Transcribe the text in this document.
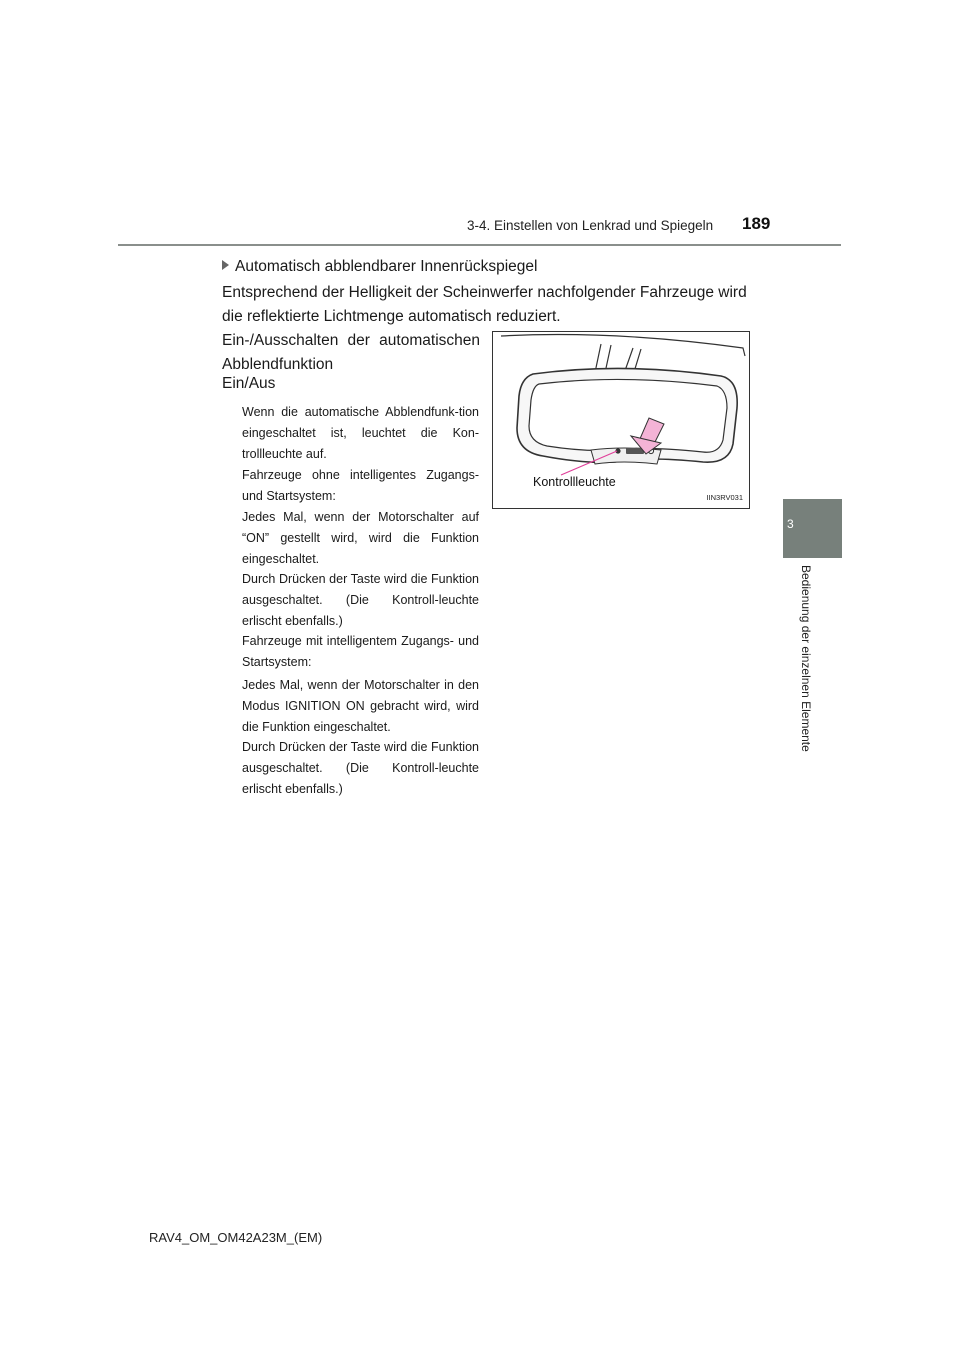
3-4. Einstellen von Lenkrad und Spiegeln 189
3
Bedienung der einzelnen Elemente
Automatisch abblendbarer Innenrückspiegel
Entsprechend der Helligkeit der Scheinwerfer nachfolgender Fahrzeuge wird die reflektierte Lichtmenge automatisch reduziert.
Ein-/Ausschalten der automatischen Abblendfunktion
Ein/Aus
Wenn die automatische Abblendfunk-tion eingeschaltet ist, leuchtet die Kon-trollleuchte auf.
Fahrzeuge ohne intelligentes Zugangs- und Startsystem:
Jedes Mal, wenn der Motorschalter auf “ON” gestellt wird, wird die Funktion eingeschaltet.
Durch Drücken der Taste wird die Funktion ausgeschaltet. (Die Kontroll-leuchte erlischt ebenfalls.)
Fahrzeuge mit intelligentem Zugangs- und Startsystem:
Jedes Mal, wenn der Motorschalter in den Modus IGNITION ON gebracht wird, wird die Funktion eingeschaltet.
Durch Drücken der Taste wird die Funktion ausgeschaltet. (Die Kontroll-leuchte erlischt ebenfalls.)
Kontrollleuchte
IIN3RV031
RAV4_OM_OM42A23M_(EM)
